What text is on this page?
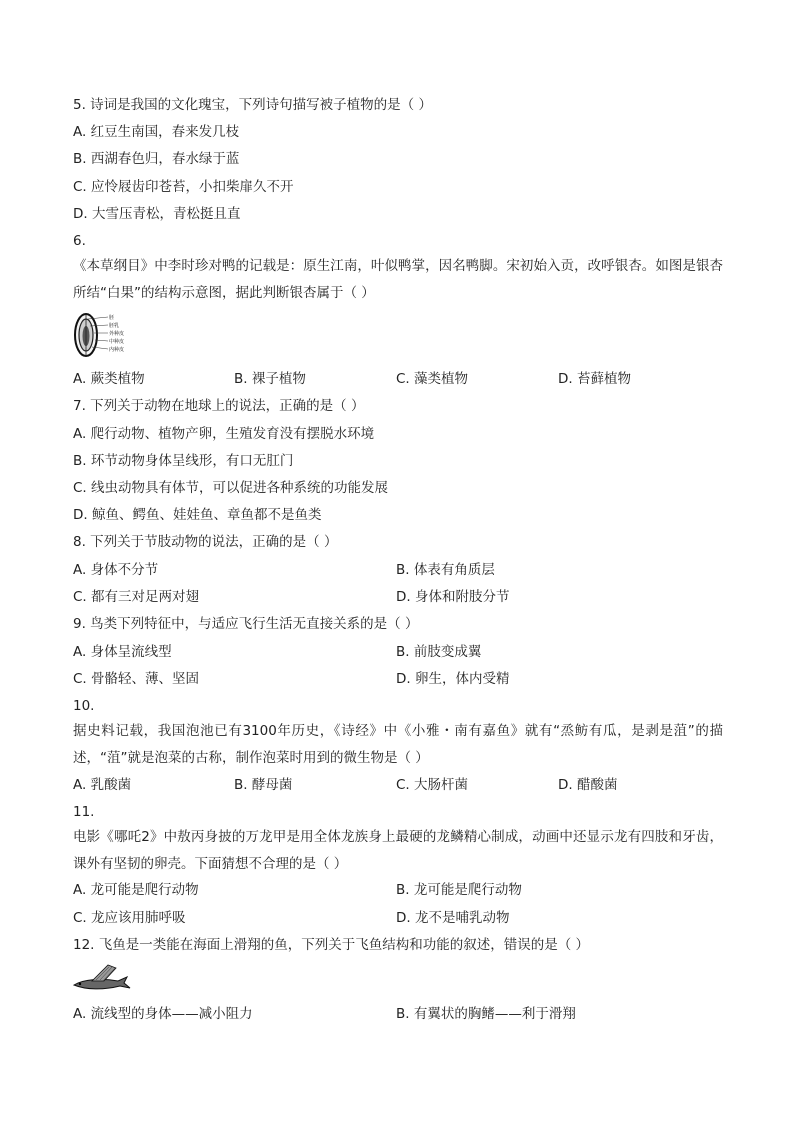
5. 诗词是我国的文化瑰宝，下列诗句描写被子植物的是（ ）
A. 红豆生南国，春来发几枝
B. 西湖春色归，春水绿于蓝
C. 应怜屐齿印苍苔，小扣柴扉久不开
D. 大雪压青松，青松挺且直
6.
《本草纲目》中李时珍对鸭的记载是：原生江南，叶似鸭掌，因名鸭脚。宋初始入贡，改呼银杏。如图是银杏所结“白果”的结构示意图，据此判断银杏属于（ ）
胚
胚乳
外种皮
中种皮
内种皮
A. 蕨类植物	B. 裸子植物	C. 藻类植物	D. 苔藓植物
7. 下列关于动物在地球上的说法，正确的是（ ）
A. 爬行动物、植物产卵，生殖发育没有摆脱水环境
B. 环节动物身体呈线形，有口无肛门
C. 线虫动物具有体节，可以促进各种系统的功能发展
D. 鲸鱼、鳄鱼、娃娃鱼、章鱼都不是鱼类
8. 下列关于节肢动物的说法，正确的是（ ）
A. 身体不分节	B. 体表有角质层
C. 都有三对足两对翅	D. 身体和附肢分节
9. 鸟类下列特征中，与适应飞行生活无直接关系的是（ ）
A. 身体呈流线型	B. 前肢变成翼
C. 骨骼轻、薄、坚固	D. 卵生，体内受精
10.
据史料记载，我国泡池已有3100年历史，《诗经》中《小雅・南有嘉鱼》就有“烝鲂有瓜，是剥是菹”的描述，“菹”就是泡菜的古称，制作泡菜时用到的微生物是（ ）
A. 乳酸菌	B. 酵母菌	C. 大肠杆菌	D. 醋酸菌
11.
电影《哪吒2》中敖丙身披的万龙甲是用全体龙族身上最硬的龙鳞精心制成，动画中还显示龙有四肢和牙齿，课外有坚韧的卵壳。下面猜想不合理的是（ ）
A. 龙可能是爬行动物	B. 龙可能是爬行动物
C. 龙应该用肺呼吸	D. 龙不是哺乳动物
12. 飞鱼是一类能在海面上滑翔的鱼，下列关于飞鱼结构和功能的叙述，错误的是（ ）
A. 流线型的身体——减小阻力	B. 有翼状的胸鳍——利于滑翔
